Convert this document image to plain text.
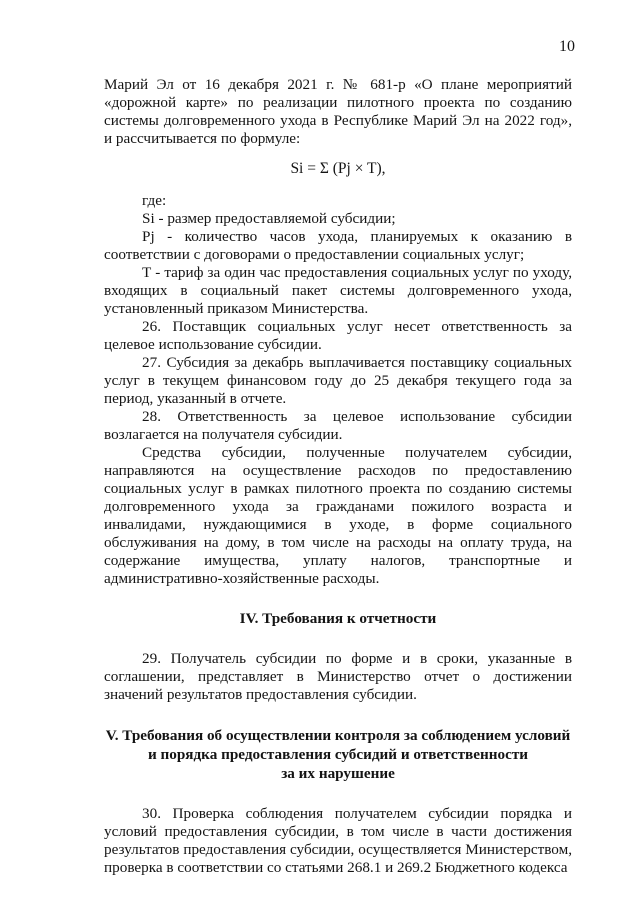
10

Марий Эл от 16 декабря 2021 г. № 681-р «О плане мероприятий «дорожной карте» по реализации пилотного проекта по созданию системы долговременного ухода в Республике Марий Эл на 2022 год», и рассчитывается по формуле:

Si = Σ (Pj × T),

где:

Si - размер предоставляемой субсидии;

Pj - количество часов ухода, планируемых к оказанию в соответствии с договорами о предоставлении социальных услуг;

Т - тариф за один час предоставления социальных услуг по уходу, входящих в социальный пакет системы долговременного ухода, установленный приказом Министерства.

26. Поставщик социальных услуг несет ответственность за целевое использование субсидии.

27. Субсидия за декабрь выплачивается поставщику социальных услуг в текущем финансовом году до 25 декабря текущего года за период, указанный в отчете.

28. Ответственность за целевое использование субсидии возлагается на получателя субсидии.

Средства субсидии, полученные получателем субсидии, направляются на осуществление расходов по предоставлению социальных услуг в рамках пилотного проекта по созданию системы долговременного ухода за гражданами пожилого возраста и инвалидами, нуждающимися в уходе, в форме социального обслуживания на дому, в том числе на расходы на оплату труда, на содержание имущества, уплату налогов, транспортные и административно-хозяйственные расходы.

IV. Требования к отчетности

29. Получатель субсидии по форме и в сроки, указанные в соглашении, представляет в Министерство отчет о достижении значений результатов предоставления субсидии.

V. Требования об осуществлении контроля за соблюдением условий

и порядка предоставления субсидий и ответственности

за их нарушение

30. Проверка соблюдения получателем субсидии порядка и условий предоставления субсидии, в том числе в части достижения результатов предоставления субсидии, осуществляется Министерством, проверка в соответствии со статьями 268.1 и 269.2 Бюджетного кодекса
